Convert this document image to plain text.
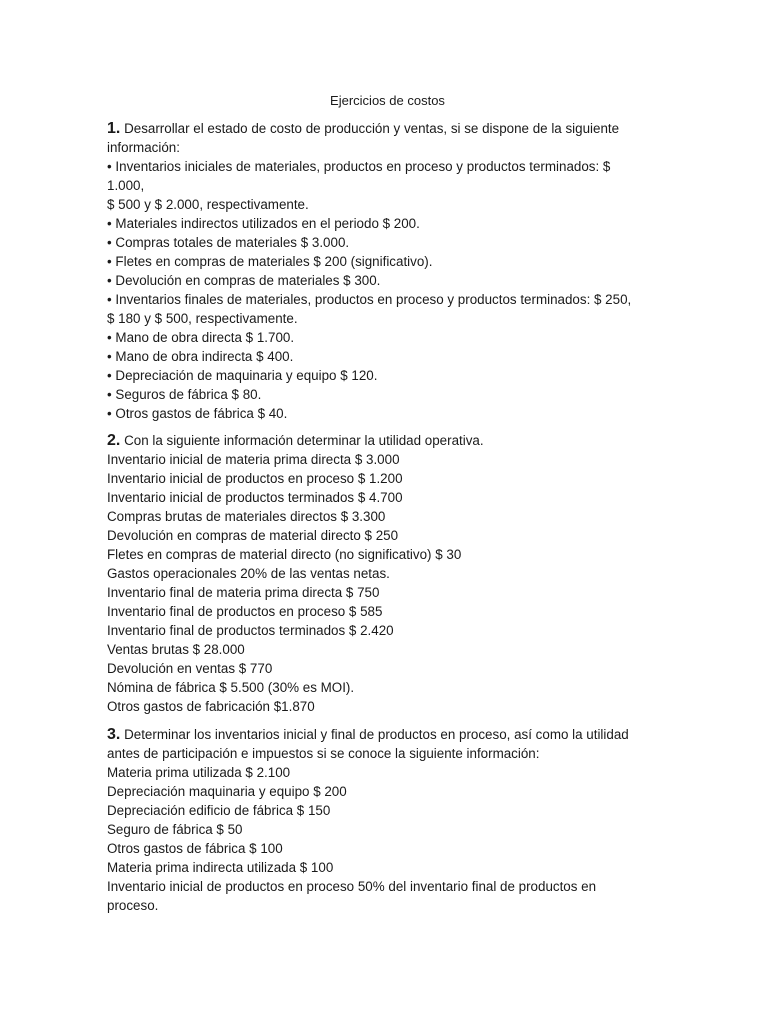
Ejercicios de costos
1. Desarrollar el estado de costo de producción y ventas, si se dispone de la siguiente
información:
• Inventarios iniciales de materiales, productos en proceso y productos terminados: $
1.000,
$ 500 y $ 2.000, respectivamente.
• Materiales indirectos utilizados en el periodo $ 200.
• Compras totales de materiales $ 3.000.
• Fletes en compras de materiales $ 200 (significativo).
• Devolución en compras de materiales $ 300.
• Inventarios finales de materiales, productos en proceso y productos terminados: $ 250,
$ 180 y $ 500, respectivamente.
• Mano de obra directa $ 1.700.
• Mano de obra indirecta $ 400.
• Depreciación de maquinaria y equipo $ 120.
• Seguros de fábrica $ 80.
• Otros gastos de fábrica $ 40.
2. Con la siguiente información determinar la utilidad operativa.
Inventario inicial de materia prima directa $ 3.000
Inventario inicial de productos en proceso $ 1.200
Inventario inicial de productos terminados $ 4.700
Compras brutas de materiales directos $ 3.300
Devolución en compras de material directo $ 250
Fletes en compras de material directo (no significativo) $ 30
Gastos operacionales 20% de las ventas netas.
Inventario final de materia prima directa $ 750
Inventario final de productos en proceso $ 585
Inventario final de productos terminados $ 2.420
Ventas brutas $ 28.000
Devolución en ventas $ 770
Nómina de fábrica $ 5.500 (30% es MOI).
Otros gastos de fabricación $1.870
3. Determinar los inventarios inicial y final de productos en proceso, así como la utilidad
antes de participación e impuestos si se conoce la siguiente información:
Materia prima utilizada $ 2.100
Depreciación maquinaria y equipo $ 200
Depreciación edificio de fábrica $ 150
Seguro de fábrica $ 50
Otros gastos de fábrica $ 100
Materia prima indirecta utilizada $ 100
Inventario inicial de productos en proceso 50% del inventario final de productos en
proceso.
